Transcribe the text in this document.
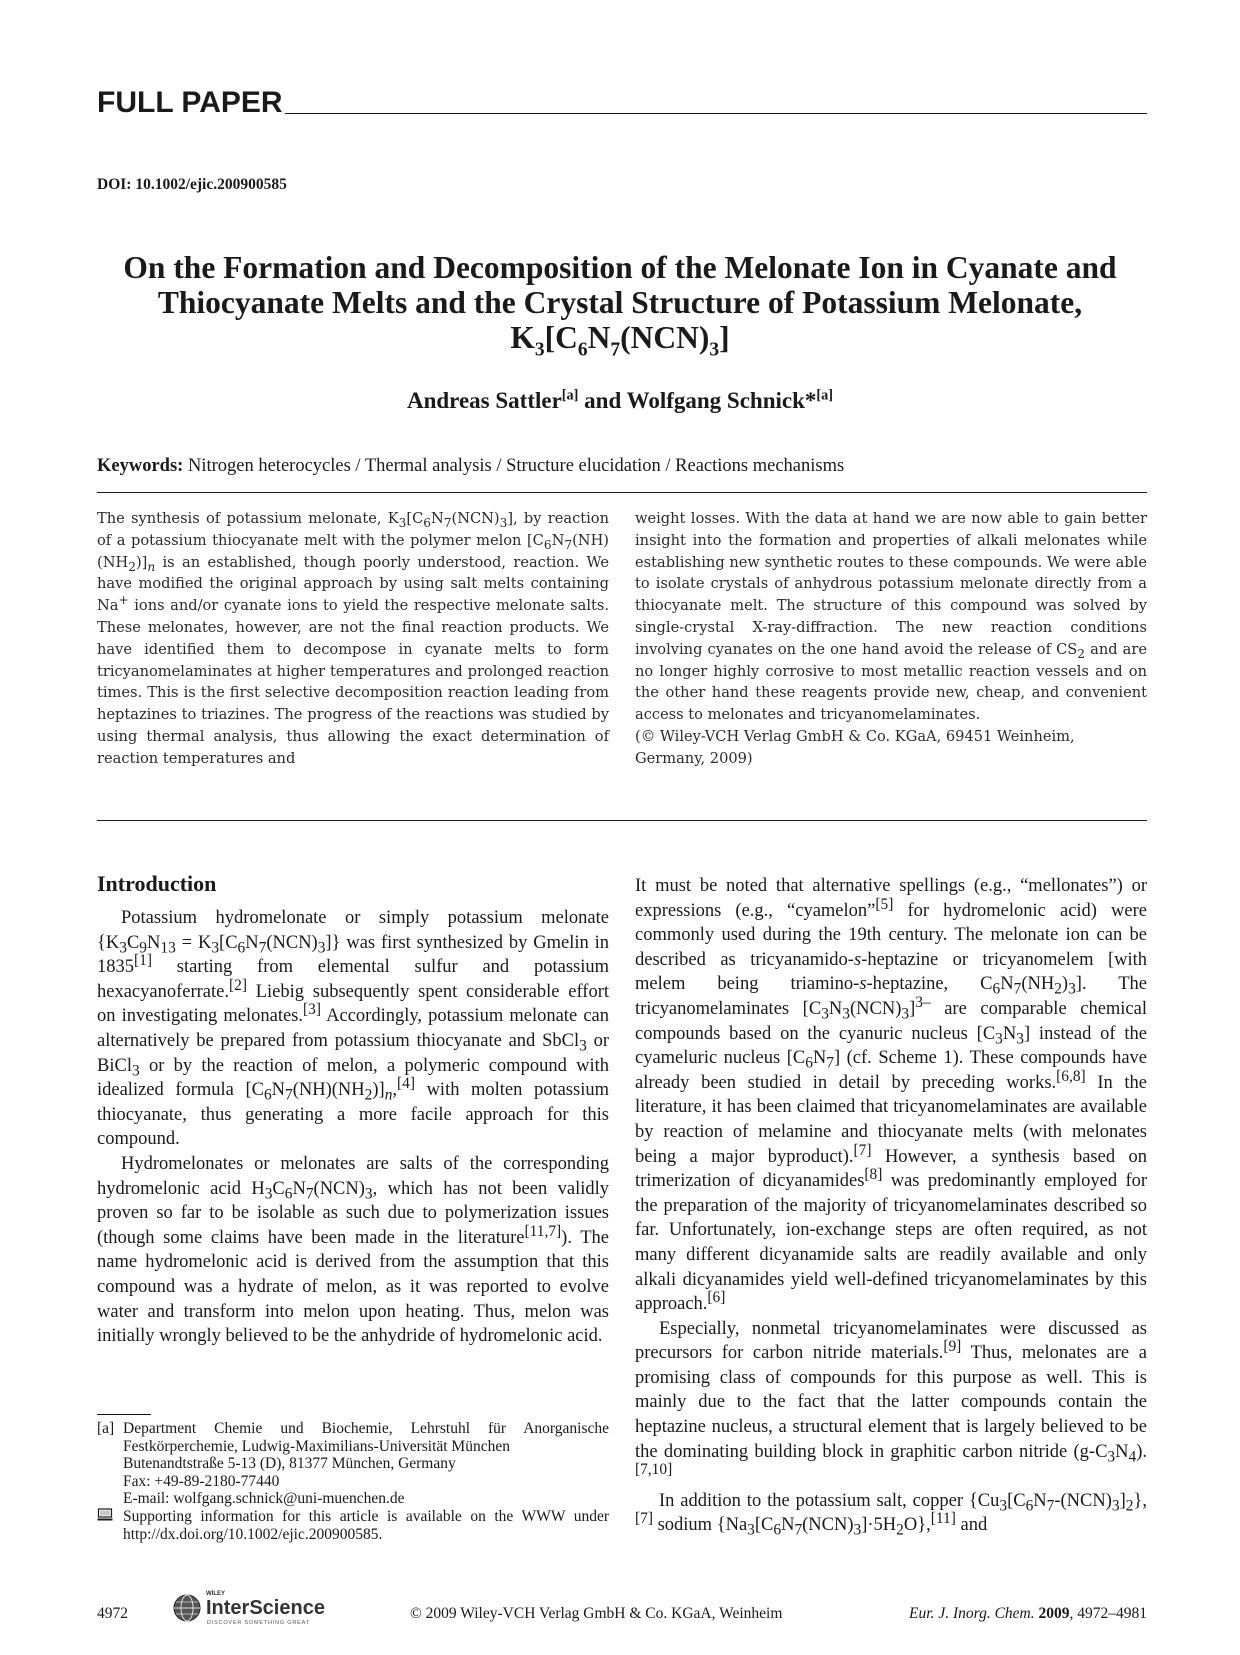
FULL PAPER
DOI: 10.1002/ejic.200900585
On the Formation and Decomposition of the Melonate Ion in Cyanate and
Thiocyanate Melts and the Crystal Structure of Potassium Melonate,
$K_3[C_6N_7(NCN)_3]$
Andreas Sattler[a] and Wolfgang Schnick*[a]
Keywords: Nitrogen heterocycles / Thermal analysis / Structure elucidation / Reactions mechanisms
The synthesis of potassium melonate, $K_3[C_6N_7(NCN)_3]$, by reaction of a potassium thiocyanate melt with the polymer melon $[C_6N_7(NH)(NH_2)]_n$ is an established, though poorly understood, reaction. We have modified the original approach by using salt melts containing Na+ ions and/or cyanate ions to yield the respective melonate salts. These melonates, however, are not the final reaction products. We have identified them to decompose in cyanate melts to form tricyanomelaminates at higher temperatures and prolonged reaction times. This is the first selective decomposition reaction leading from heptazines to triazines. The progress of the reactions was studied by using thermal analysis, thus allowing the exact determination of reaction temperatures and
weight losses. With the data at hand we are now able to gain better insight into the formation and properties of alkali melonates while establishing new synthetic routes to these compounds. We were able to isolate crystals of anhydrous potassium melonate directly from a thiocyanate melt. The structure of this compound was solved by single-crystal X-ray-diffraction. The new reaction conditions involving cyanates on the one hand avoid the release of $CS_2$ and are no longer highly corrosive to most metallic reaction vessels and on the other hand these reagents provide new, cheap, and convenient access to melonates and tricyanomelaminates.
(© Wiley-VCH Verlag GmbH & Co. KGaA, 69451 Weinheim,
Germany, 2009)
Introduction

Potassium hydromelonate or simply potassium melonate $\{K_3C_9N_{13} = K_3[C_6N_7(NCN)_3]\}$ was first synthesized by Gmelin in 1835[1] starting from elemental sulfur and potassium hexacyanoferrate.[2] Liebig subsequently spent considerable effort on investigating melonates.[3] Accordingly, potassium melonate can alternatively be prepared from potassium thiocyanate and SbCl$_3$ or BiCl$_3$ or by the reaction of melon, a polymeric compound with idealized formula $[C_6N_7(NH)(NH_2)]_n,[4]$ with molten potassium thiocyanate, thus generating a more facile approach for this compound.

Hydromelonates or melonates are salts of the corresponding hydromelonic acid $H_3C_6N_7(NCN)_3$, which has not been validly proven so far to be isolable as such due to polymerization issues (though some claims have been made in the literature[11,7]). The name hydromelonic acid is derived from the assumption that this compound was a hydrate of melon, as it was reported to evolve water and transform into melon upon heating. Thus, melon was initially wrongly believed to be the anhydride of hydromelonic acid.

It must be noted that alternative spellings (e.g., “mellonates”) or expressions (e.g., “cyamelon”[5] for hydromelonic acid) were commonly used during the 19th century. The melonate ion can be described as tricyanamido-s-heptazine or tricyanomelem [with melem being triamino-s-heptazine, $C_6N_7(NH_2)_3$]. The tricyanomelaminates $[C_3N_3(NCN)_3]^{3-}$ are comparable chemical compounds based on the cyanuric nucleus $[C_3N_3]$ instead of the cyameluric nucleus $[C_6N_7]$ (cf. Scheme 1). These compounds have already been studied in detail by preceding works.[6,8] In the literature, it has been claimed that tricyanomelaminates are available by reaction of melamine and thiocyanate melts (with melonates being a major byproduct).[7] However, a synthesis based on trimerization of dicyanamides[8] was predominantly employed for the preparation of the majority of tricyanomelaminates described so far. Unfortunately, ion-exchange steps are often required, as not many different dicyanamide salts are readily available and only alkali dicyanamides yield well-defined tricyanomelaminates by this approach.[6]

Especially, nonmetal tricyanomelaminates were discussed as precursors for carbon nitride materials.[9] Thus, melonates are a promising class of compounds for this purpose as well. This is mainly due to the fact that the latter compounds contain the heptazine nucleus, a structural element that is largely believed to be the dominating building block in graphitic carbon nitride $(g-C_3N_4).[7,10]$

In addition to the potassium salt, copper $\{Cu_3[C_6N_7-(NCN)_3]_2\},[7]$ sodium $\{Na_3[C_6N_7(NCN)_3]\cdot 5H_2O\},[11]$ and

[a] Department Chemie und Biochemie, Lehrstuhl für Anorganische Festkörperchemie, Ludwig-Maximilians-Universität München
Butenandtstraße 5-13 (D), 81377 München, Germany
Fax: +49-89-2180-77440
E-mail: wolfgang.schnick@uni-muenchen.de
Supporting information for this article is available on the WWW under http://dx.doi.org/10.1002/ejic.200900585.
4972
WILEY
InterScience
DISCOVER SOMETHING GREAT
© 2009 Wiley-VCH Verlag GmbH & Co. KGaA, Weinheim	Eur. J. Inorg. Chem. 2009, 4972–4981
